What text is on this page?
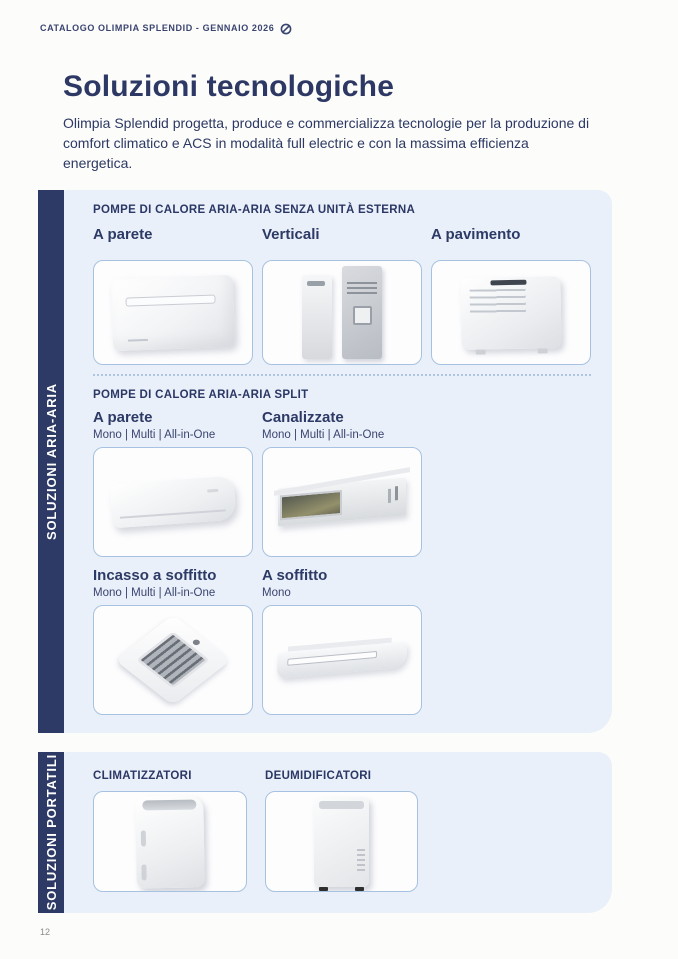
CATALOGO OLIMPIA SPLENDID - GENNAIO 2026
Soluzioni tecnologiche

Olimpia Splendid progetta, produce e commercializza tecnologie per la produzione di comfort climatico e ACS in modalità full electric e con la massima efficienza energetica.

SOLUZIONI ARIA-ARIA
POMPE DI CALORE ARIA-ARIA SENZA UNITÀ ESTERNA
A parete	Verticali	A pavimento
POMPE DI CALORE ARIA-ARIA SPLIT
A parete
Mono | Multi | All-in-One
Canalizzate
Mono | Multi | All-in-One
Incasso a soffitto
Mono | Multi | All-in-One
A soffitto
Mono
SOLUZIONI PORTATILI	CLIMATIZZATORI	DEUMIDIFICATORI
12
